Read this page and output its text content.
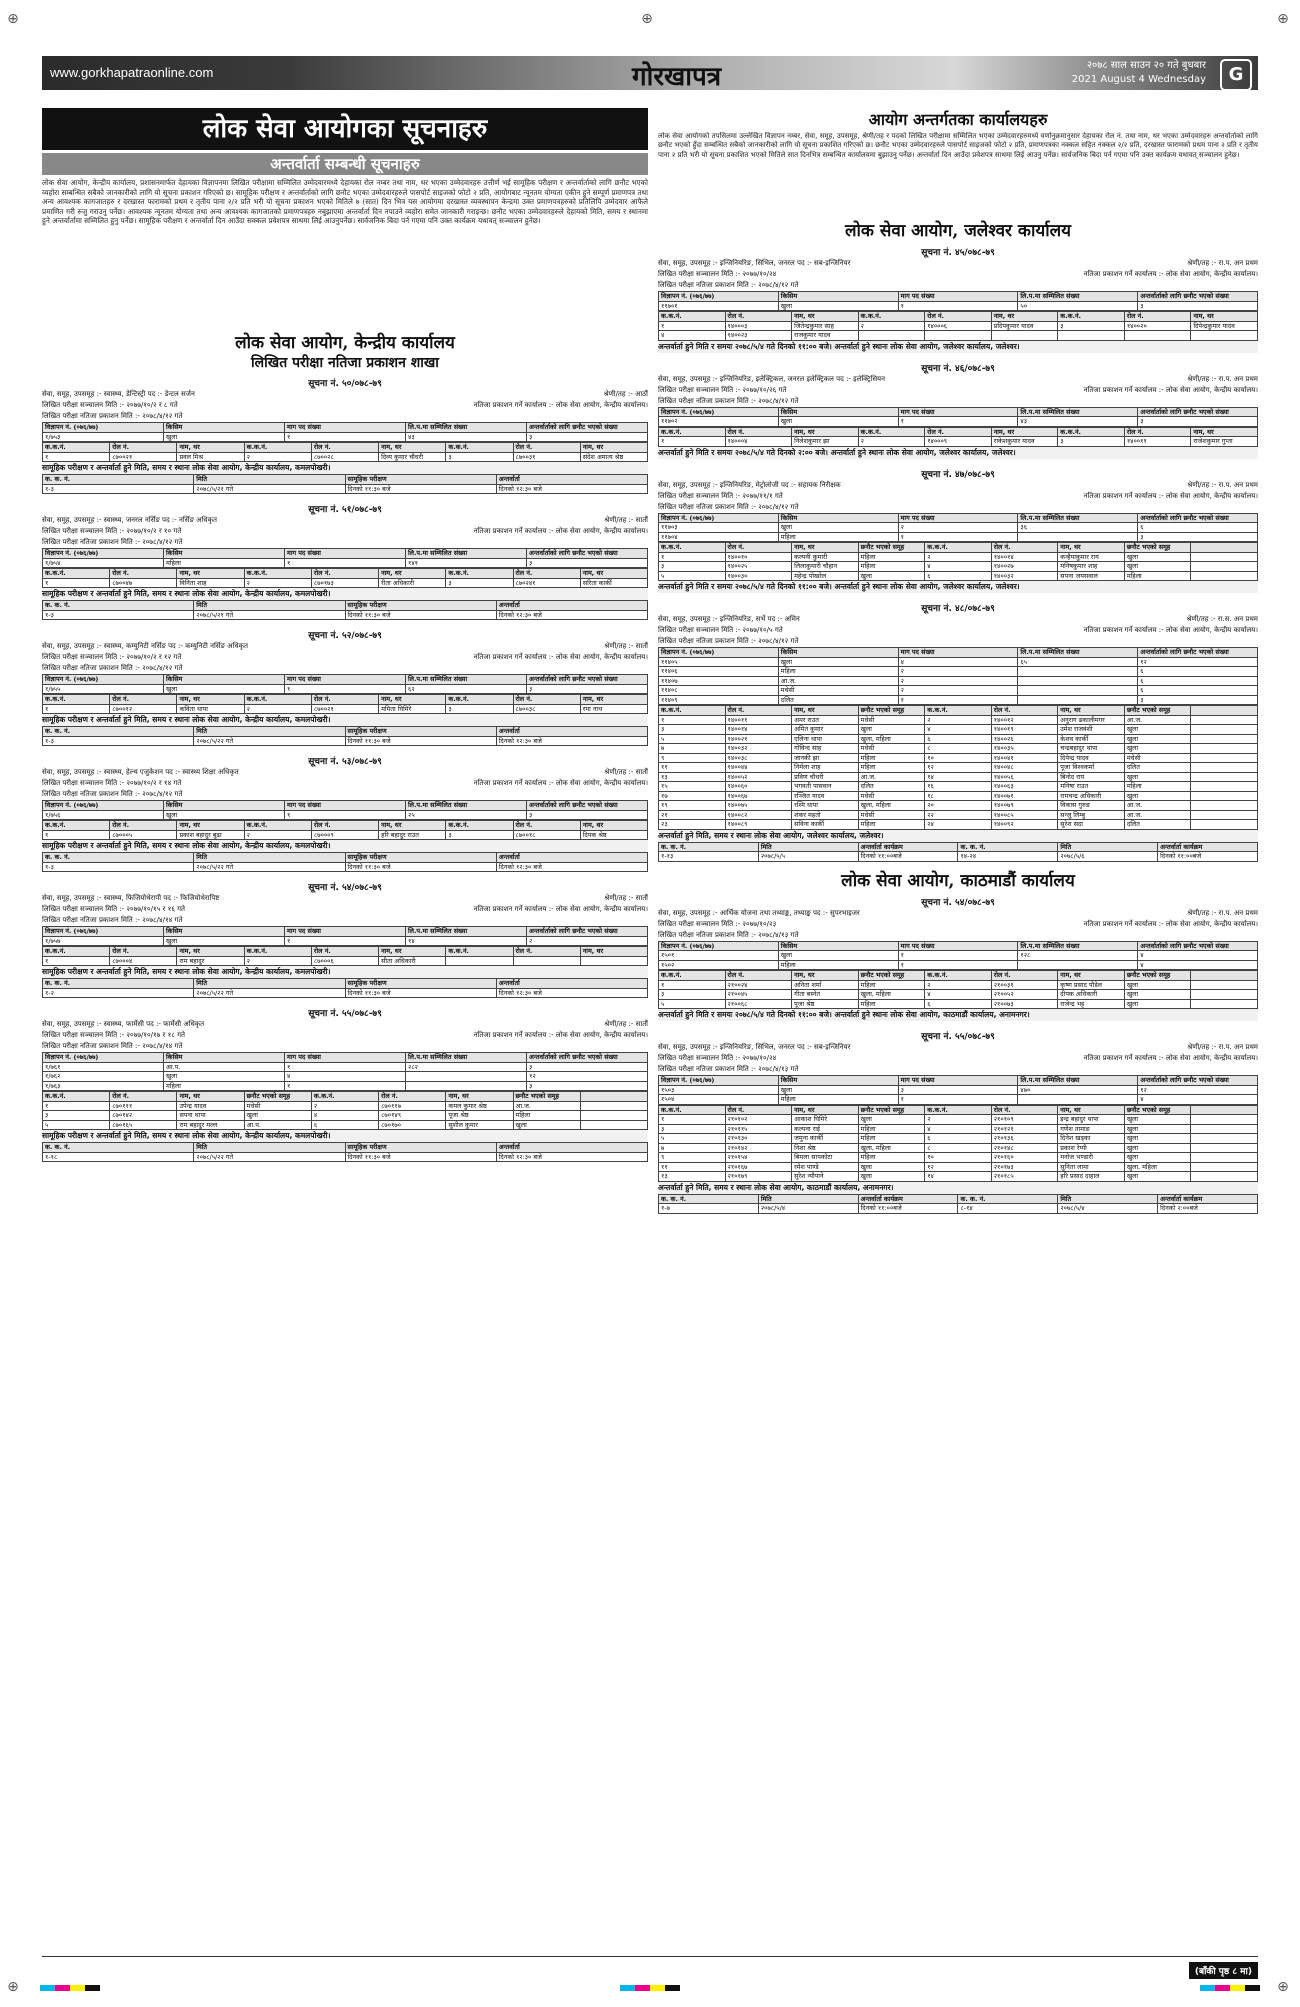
⊕	⊕	⊕
⊕	⊕
www.gorkhapatraonline.com	गोरखापत्र	२०७८ साल साउन २० गते बुधबार
2021 August 4 Wednesday	G
लोक सेवा आयोगका सूचनाहरु
अन्तर्वार्ता सम्बन्धी सूचनाहरु
लोक सेवा आयोग, केन्द्रीय कार्यालय, प्रशासनमार्फत देहायका विज्ञापनमा लिखित परीक्षामा सम्मिलित उम्मेदवारमध्ये देहायका रोल नम्बर तथा नाम, थर भएका उम्मेदवारहरु उत्तीर्ण भई सामूहिक परीक्षण र अन्तर्वार्ताको लागि छनौट भएको व्यहोरा सम्बन्धित सबैको जानकारीको लागि यो सूचना प्रकाशन गरिएको छ। सामूहिक परीक्षण र अन्तर्वार्ताको लागि छनौट भएका उम्मेदवारहरुले पासपोर्ट साइजको फोटो २ प्रति, आयोगबाट न्यूनतम योग्यता एकीन हुने सम्पूर्ण प्रमाणपत्र तथा अन्य आवश्यक कागजातहरु र दरखास्त फारामको प्रथम र तृतीय पाना २/२ प्रति भरी यो सूचना प्रकाशन भएको मितिले ७ (सात) दिन भित्र यस आयोगमा दरखास्त व्यवस्थापन केन्द्रमा उक्त प्रमाणपत्रहरुको प्रतिलिपि उम्मेदवार आफैले प्रमाणित गरी रुजु गराउनु पर्नेछ। आवश्यक न्यूनतम योग्यता तथा अन्य आवश्यक कागजातको प्रमाणपत्रहरु नबुझाएमा अन्तर्वार्ता दिन नपाउने व्यहोरा समेत जानकारी गराइन्छ। छनौट भएका उम्मेदवारहरुले देहायको मिति, समय र स्थानमा हुने अन्तर्वार्तामा सम्मिलित हुनु पर्नेछ। सामूहिक परीक्षण र अन्तर्वार्ता दिन आउँदा सक्कल प्रवेशपत्र साथमा लिई आउनुपर्नेछ। सार्वजनिक बिदा पर्न गएमा पनि उक्त कार्यक्रम यथावत् सञ्चालन हुनेछ।
लोक सेवा आयोग, केन्द्रीय कार्यालय
लिखित परीक्षा नतिजा प्रकाशन शाखा
सूचना नं. ५०/०७८-७९
सेवा, समूह, उपसमूह :- स्वास्थ्य, डेन्टिस्ट्री पद :- डेन्टल सर्जन	श्रेणी/तह :- आठौं
लिखित परीक्षा सञ्चालन मिति :- २०७७/१०/२ र ८ गते	नतिजा प्रकाशन गर्ने कार्यालय :- लोक सेवा आयोग, केन्द्रीय कार्यालय।
लिखित परीक्षा नतिजा प्रकाशन मिति :- २०७८/४/१२ गते
विज्ञापन नं. (०७६/७७)	किसिम	माग पद संख्या	लि.प.मा सम्मिलित संख्या	अन्तर्वार्ताको लागि छनौट भएको संख्या
१/७५३	खुला	१	४३	३
क.क.नं.	रोल नं.	नाम, थर	क.क.नं.	रोल नं.	नाम, थर	क.क.नं.	रोल नं.	नाम, थर
१	८७००२१	प्रवल मिश्र	२	८७००२८	दिव्य कुमार चौधरी	३	८७००३१	संदेश अमात्य श्रेष्ठ
सामूहिक परीक्षण र अन्तर्वार्ता हुने मिति, समय र स्थानः लोक सेवा आयोग, केन्द्रीय कार्यालय, कमलपोखरी।
क. क. नं.	मिति	सामूहिक परीक्षण	अन्तर्वार्ता
१-३	२०७८/५/२१ गते	दिनको ११:३० बजे	दिनको १२:३० बजे
सूचना नं. ५१/०७८-७९
सेवा, समूह, उपसमूह :- स्वास्थ्य, जनरल नर्सिङ पद :- नर्सिङ अधिकृत	श्रेणी/तह :- सातौं
लिखित परीक्षा सञ्चालन मिति :- २०७७/१०/२ र १० गते	नतिजा प्रकाशन गर्ने कार्यालय :- लोक सेवा आयोग, केन्द्रीय कार्यालय।
लिखित परीक्षा नतिजा प्रकाशन मिति :- २०७८/४/१२ गते
विज्ञापन नं. (०७६/७७)	किसिम	माग पद संख्या	लि.प.मा सम्मिलित संख्या	अन्तर्वार्ताको लागि छनौट भएको संख्या
१/७५४	महिला	१	१४१	३
क.क.नं.	रोल नं.	नाम, थर	क.क.नं.	रोल नं.	नाम, थर	क.क.नं.	रोल नं.	नाम, थर
१	८७००४७	विनिता शाह	२	८७०१७३	रीता अधिकारी	३	८७०२४१	सरिता कार्की
सामूहिक परीक्षण र अन्तर्वार्ता हुने मिति, समय र स्थानः लोक सेवा आयोग, केन्द्रीय कार्यालय, कमलपोखरी।
क. क. नं.	मिति	सामूहिक परीक्षण	अन्तर्वार्ता
१-३	२०७८/५/२१ गते	दिनको ११:३० बजे	दिनको १२:३० बजे
सूचना नं. ५२/०७८-७९
सेवा, समूह, उपसमूह :- स्वास्थ्य, कम्युनिटी नर्सिङ पद :- कम्युनिटी नर्सिङ अधिकृत	श्रेणी/तह :- सातौं
लिखित परीक्षा सञ्चालन मिति :- २०७७/१०/२ र १२ गते	नतिजा प्रकाशन गर्ने कार्यालय :- लोक सेवा आयोग, केन्द्रीय कार्यालय।
लिखित परीक्षा नतिजा प्रकाशन मिति :- २०७८/४/१२ गते
विज्ञापन नं. (०७६/७७)	किसिम	माग पद संख्या	लि.प.मा सम्मिलित संख्या	अन्तर्वार्ताको लागि छनौट भएको संख्या
१/७५५	खुला	१	६२	३
क.क.नं.	रोल नं.	नाम, थर	क.क.नं.	रोल नं.	नाम, थर	क.क.नं.	रोल नं.	नाम, थर
१	८७००१२	कविता थापा	२	८७००२१	ममिता घिमिरे	३	८७००३८	रमा नाथ
सामूहिक परीक्षण र अन्तर्वार्ता हुने मिति, समय र स्थानः लोक सेवा आयोग, केन्द्रीय कार्यालय, कमलपोखरी।
क. क. नं.	मिति	सामूहिक परीक्षण	अन्तर्वार्ता
१-३	२०७८/५/२२ गते	दिनको ११:३० बजे	दिनको १२:३० बजे
सूचना नं. ५३/०७८-७९
सेवा, समूह, उपसमूह :- स्वास्थ्य, हेल्थ एजुकेशन पद :- स्वास्थ्य शिक्षा अधिकृत	श्रेणी/तह :- सातौं
लिखित परीक्षा सञ्चालन मिति :- २०७७/१०/२ र १४ गते	नतिजा प्रकाशन गर्ने कार्यालय :- लोक सेवा आयोग, केन्द्रीय कार्यालय।
लिखित परीक्षा नतिजा प्रकाशन मिति :- २०७८/४/१२ गते
विज्ञापन नं. (०७६/७७)	किसिम	माग पद संख्या	लि.प.मा सम्मिलित संख्या	अन्तर्वार्ताको लागि छनौट भएको संख्या
१/७५६	खुला	१	२५	३
क.क.नं.	रोल नं.	नाम, थर	क.क.नं.	रोल नं.	नाम, थर	क.क.नं.	रोल नं.	नाम, थर
१	८७०००५	प्रकाश बहादुर बुढा	२	८७०००९	हरि बहादुर राउत	३	८७००१८	दिपक श्रेष्ठ
सामूहिक परीक्षण र अन्तर्वार्ता हुने मिति, समय र स्थानः लोक सेवा आयोग, केन्द्रीय कार्यालय, कमलपोखरी।
क. क. नं.	मिति	सामूहिक परीक्षण	अन्तर्वार्ता
१-३	२०७८/५/२२ गते	दिनको ११:३० बजे	दिनको १२:३० बजे
सूचना नं. ५४/०७८-७९
सेवा, समूह, उपसमूह :- स्वास्थ्य, फिजियोथेरापी पद :- फिजियोथेरापिष्ट	श्रेणी/तह :- सातौं
लिखित परीक्षा सञ्चालन मिति :- २०७७/१०/१५ र १६ गते	नतिजा प्रकाशन गर्ने कार्यालय :- लोक सेवा आयोग, केन्द्रीय कार्यालय।
लिखित परीक्षा नतिजा प्रकाशन मिति :- २०७८/४/१४ गते
विज्ञापन नं. (०७६/७७)	किसिम	माग पद संख्या	लि.प.मा सम्मिलित संख्या	अन्तर्वार्ताको लागि छनौट भएको संख्या
१/७५७	खुला	१	१४	२
क.क.नं.	रोल नं.	नाम, थर	क.क.नं.	रोल नं.	नाम, थर	क.क.नं.	रोल नं.	नाम, थर
१	८७०००४	राम बहादुर	२	८७०००६	सीता अधिकारी			
सामूहिक परीक्षण र अन्तर्वार्ता हुने मिति, समय र स्थानः लोक सेवा आयोग, केन्द्रीय कार्यालय, कमलपोखरी।
क. क. नं.	मिति	सामूहिक परीक्षण	अन्तर्वार्ता
१-२	२०७८/५/२२ गते	दिनको ११:३० बजे	दिनको १२:३० बजे
सूचना नं. ५५/०७८-७९
सेवा, समूह, उपसमूह :- स्वास्थ्य, फार्मेसी पद :- फार्मेसी अधिकृत	श्रेणी/तह :- सातौं
लिखित परीक्षा सञ्चालन मिति :- २०७७/१०/१७ र १८ गते	नतिजा प्रकाशन गर्ने कार्यालय :- लोक सेवा आयोग, केन्द्रीय कार्यालय।
लिखित परीक्षा नतिजा प्रकाशन मिति :- २०७८/४/१४ गते
विज्ञापन नं. (०७६/७७)	किसिम	माग पद संख्या	लि.प.मा सम्मिलित संख्या	अन्तर्वार्ताको लागि छनौट भएको संख्या
१/७६१	आ.प.	१	२८२	३
१/७६२	खुला	४		१२
१/७६३	महिला	१		३
क.क.नं.	रोल नं.	नाम, थर	छनौट भएको समूह	क.क.नं.	रोल नं.	नाम, थर	छनौट भएको समूह	
१	८७०१११	उपेन्द्र यादव	मधेसी	२	८७०११७	कमल कुमार श्रेष्ठ	आ.ज.	
३	८७०१४२	सपना थापा	खुला	४	८७०१४९	पूजा श्रेष्ठ	महिला	
५	८७०१६५	राम बहादुर मल्ल	आ.प.	६	८७०१७०	सुशील कुमार	खुला	
सामूहिक परीक्षण र अन्तर्वार्ता हुने मिति, समय र स्थानः लोक सेवा आयोग, केन्द्रीय कार्यालय, कमलपोखरी।
क. क. नं.	मिति	सामूहिक परीक्षण	अन्तर्वार्ता
१-१८	२०७८/५/२२ गते	दिनको ११:३० बजे	दिनको १२:३० बजे
आयोग अन्तर्गतका कार्यालयहरु
लोक सेवा आयोगको तपसिलमा उल्लेखित विज्ञापन नम्बर, सेवा, समूह, उपसमूह, श्रेणी/तह र पदको लिखित परीक्षामा सम्मिलित भएका उम्मेदवारहरुमध्ये वर्णानुक्रमानुसार देहायका रोल नं. तथा नाम, थर भएका उम्मेदवारहरु अन्तर्वार्ताको लागि छनौट भएको हुँदा सम्बन्धित सबैको जानकारीको लागि यो सूचना प्रकाशित गरिएको छ। छनौट भएका उम्मेदवारहरुले पासपोर्ट साइजको फोटो २ प्रति, प्रमाणपत्रका नक्कल सहित नक्कल २/२ प्रति, दरखास्त फारामको प्रथम पाना २ प्रति र तृतीय पाना २ प्रति भरी यो सूचना प्रकाशित भएको मितिले सात दिनभित्र सम्बन्धित कार्यालयमा बुझाउनु पर्नेछ। अन्तर्वार्ता दिन आउँदा प्रवेशपत्र साथमा लिई आउनु पर्नेछ। सार्वजनिक बिदा पर्न गएमा पनि उक्त कार्यक्रम यथावत् सञ्चालन हुनेछ।
लोक सेवा आयोग, जलेश्वर कार्यालय
सूचना नं. ४५/०७८-७९
सेवा, समूह, उपसमूह :- इन्जिनियरिङ, सिभिल, जनरल पद :- सब-इन्जिनियर	श्रेणी/तह :- रा.प. अन प्रथम
लिखित परीक्षा सञ्चालन मिति :- २०७७/१०/२४	नतिजा प्रकाशन गर्ने कार्यालय :- लोक सेवा आयोग, केन्द्रीय कार्यालय।
लिखित परीक्षा नतिजा प्रकाशन मिति :- २०७८/४/१२ गते
विज्ञापन नं. (०७६/७७)	किसिम	माग पद संख्या	लि.प.मा सम्मिलित संख्या	अन्तर्वार्ताको लागि छनौट भएको संख्या
११७०१	खुला	१	५०	३
क.क.नं.	रोल नं.	नाम, थर	क.क.नं.	रोल नं.	नाम, थर	क.क.नं.	रोल नं.	नाम, थर
१	१४०००३	जितेन्द्रकुमार साह	२	१४०००६	प्रदिपकुमार यादव	३	१४००२०	दिपेन्द्रकुमार यादव
४	१४००२३	राजकुमार यादव						
अन्तर्वार्ता हुने मिति र समयः २०७८/५/४ गते दिनको ११:०० बजे। अन्तर्वार्ता हुने स्थानः लोक सेवा आयोग, जलेश्वर कार्यालय, जलेश्वर।
सूचना नं. ४६/०७८-७९
सेवा, समूह, उपसमूह :- इन्जिनियरिङ, इलेक्ट्रिकल, जनरल इलेक्ट्रिकल पद :- इलेक्ट्रिसियन	श्रेणी/तह :- रा.प. अन प्रथम
लिखित परीक्षा सञ्चालन मिति :- २०७७/१०/२६ गते	नतिजा प्रकाशन गर्ने कार्यालय :- लोक सेवा आयोग, केन्द्रीय कार्यालय।
लिखित परीक्षा नतिजा प्रकाशन मिति :- २०७८/४/१२ गते
विज्ञापन नं. (०७६/७७)	किसिम	माग पद संख्या	लि.प.मा सम्मिलित संख्या	अन्तर्वार्ताको लागि छनौट भएको संख्या
११७०२	खुला	१	४३	३
क.क.नं.	रोल नं.	नाम, थर	क.क.नं.	रोल नं.	नाम, थर	क.क.नं.	रोल नं.	नाम, थर
१	१४०००४	निलेशकुमार झा	२	१४०००९	राकेशकुमार यादव	३	१४००११	राजेशकुमार गुप्ता
अन्तर्वार्ता हुने मिति र समयः २०७८/५/४ गते दिनको २:०० बजे। अन्तर्वार्ता हुने स्थानः लोक सेवा आयोग, जलेश्वर कार्यालय, जलेश्वर।
सूचना नं. ४७/०७८-७९
सेवा, समूह, उपसमूह :- इन्जिनियरिङ, मेट्रोलोजी पद :- सहायक निरीक्षक	श्रेणी/तह :- रा.प. अन प्रथम
लिखित परीक्षा सञ्चालन मिति :- २०७७/११/१ गते	नतिजा प्रकाशन गर्ने कार्यालय :- लोक सेवा आयोग, केन्द्रीय कार्यालय।
लिखित परीक्षा नतिजा प्रकाशन मिति :- २०७८/४/१२ गते
विज्ञापन नं. (०७६/७७)	किसिम	माग पद संख्या	लि.प.मा सम्मिलित संख्या	अन्तर्वार्ताको लागि छनौट भएको संख्या
११७०३	खुला	२	३६	६
११७०४	महिला	१		३
क.क.नं.	रोल नं.	नाम, थर	छनौट भएको समूह	क.क.नं.	रोल नं.	नाम, थर	छनौट भएको समूह	
१	१४००१०	कल्पनी कुमारी	महिला	२	१४००१४	कन्हैयाकुमार राय	खुला	
३	१४००२५	लिलाकुमारी चौहान	महिला	४	१४००२७	मनिषकुमार शाह	खुला	
५	१४००३०	महेन्द्र पोखरेल	खुला	६	१४००३२	सपना जयसवाल	महिला	
अन्तर्वार्ता हुने मिति र समयः २०७८/५/४ गते दिनको ११:०० बजे। अन्तर्वार्ता हुने स्थानः लोक सेवा आयोग, जलेश्वर कार्यालय, जलेश्वर।
सूचना नं. ४८/०७८-७९
सेवा, समूह, उपसमूह :- इन्जिनियरिङ, सर्भे पद :- अमिन	श्रेणी/तह :- रा.स. अन प्रथम
लिखित परीक्षा सञ्चालन मिति :- २०७७/१०/५ गते	नतिजा प्रकाशन गर्ने कार्यालय :- लोक सेवा आयोग, केन्द्रीय कार्यालय।
लिखित परीक्षा नतिजा प्रकाशन मिति :- २०७८/४/१२ गते
विज्ञापन नं. (०७६/७७)	किसिम	माग पद संख्या	लि.प.मा सम्मिलित संख्या	अन्तर्वार्ताको लागि छनौट भएको संख्या
११४०५	खुला	४	६५	१२
११४०६	महिला	२		६
११४०७	आ.ज.	२		६
११४०८	मधेसी	२		६
११४०९	दलित	१		३
क.क.नं.	रोल नं.	नाम, थर	छनौट भएको समूह	क.क.नं.	रोल नं.	नाम, थर	छनौट भएको समूह	
१	१४००११	अमर राउत	मधेसी	२	१४००१२	अनुराग ढकालीमगर	आ.ज.	
३	१४००१४	अमित कुमार	खुला	४	१४००१९	उमेश राजवंशी	खुला	
५	१४००२१	एलिना थापा	खुला, महिला	६	१४००२६	केशव कार्की	खुला	
७	१४००३२	गोविन्द साह	मधेसी	८	१४००३५	चन्द्रबहादुर थापा	खुला	
९	१४००३८	जानकी झा	महिला	१०	१४००४१	दिपेन्द्र यादव	मधेसी	
११	१४००४४	निर्मला शाह	महिला	१२	१४००४८	पूजा विश्वकर्मा	दलित	
१३	१४००५२	प्रविण चौधरी	आ.ज.	१४	१४००५६	बिनोद राय	खुला	
१५	१४००६०	भगवती पासवान	दलित	१६	१४००६३	मनिषा राउत	महिला	
१७	१४००६७	रञ्जित यादव	मधेसी	१८	१४००७१	रामचन्द्र अधिकारी	खुला	
१९	१४००७५	रश्मि थापा	खुला, महिला	२०	१४००७९	विकास गुरुङ	आ.ज.	
२१	१४००८२	शंकर महतो	मधेसी	२२	१४००८५	सन्जु लिम्बु	आ.ज.	
२३	१४००८९	सविना कार्की	महिला	२४	१४००९२	सुरेश सदा	दलित	
अन्तर्वार्ता हुने मिति, समय र स्थानः लोक सेवा आयोग, जलेश्वर कार्यालय, जलेश्वर।
क. क. नं.	मिति	अन्तर्वार्ता कार्यक्रम	क. क. नं.	मिति	अन्तर्वार्ता कार्यक्रम
१-१३	२०७८/५/५	दिनको ११:००बजे	१४-२४	२०७८/५/६	दिनको ११:००बजे
लोक सेवा आयोग, काठमाडौं कार्यालय
सूचना नं. ५४/०७८-७९
सेवा, समूह, उपसमूह :- आर्थिक योजना तथा तथ्याङ्क, तथ्याङ्क पद :- सुपरभाइजर	श्रेणी/तह :- रा.प. अन प्रथम
लिखित परीक्षा सञ्चालन मिति :- २०७७/१०/२३	नतिजा प्रकाशन गर्ने कार्यालय :- लोक सेवा आयोग, केन्द्रीय कार्यालय।
लिखित परीक्षा नतिजा प्रकाशन मिति :- २०७८/४/१३ गते
विज्ञापन नं. (०७६/७७)	किसिम	माग पद संख्या	लि.प.मा सम्मिलित संख्या	अन्तर्वार्ताको लागि छनौट भएको संख्या
१५०१	खुला	१	१२८	४
१५०२	महिला	१		४
क.क.नं.	रोल नं.	नाम, थर	छनौट भएको समूह	क.क.नं.	रोल नं.	नाम, थर	छनौट भएको समूह	
१	२१००२४	अनिता शर्मा	महिला	२	२१००३१	कृष्ण प्रसाद पौडेल	खुला	
३	२१००४५	गीता बस्नेत	खुला, महिला	४	२१००५२	दीपक अधिकारी	खुला	
५	२१००६८	पूजा श्रेष्ठ	महिला	६	२१००७३	राजेन्द्र भट्ट	खुला	
अन्तर्वार्ता हुने मिति र समयः २०७८/५/४ गते दिनको ११:०० बजे। अन्तर्वार्ता हुने स्थानः लोक सेवा आयोग, काठमाडौं कार्यालय, अनामनगर।
सूचना नं. ५५/०७८-७९
सेवा, समूह, उपसमूह :- इन्जिनियरिङ, सिभिल, जनरल पद :- सब-इन्जिनियर	श्रेणी/तह :- रा.प. अन प्रथम
लिखित परीक्षा सञ्चालन मिति :- २०७७/१०/२४	नतिजा प्रकाशन गर्ने कार्यालय :- लोक सेवा आयोग, केन्द्रीय कार्यालय।
लिखित परीक्षा नतिजा प्रकाशन मिति :- २०७८/४/१३ गते
विज्ञापन नं. (०७६/७७)	किसिम	माग पद संख्या	लि.प.मा सम्मिलित संख्या	अन्तर्वार्ताको लागि छनौट भएको संख्या
१५०३	खुला	३	४७०	१२
१५०४	महिला	१		४
क.क.नं.	रोल नं.	नाम, थर	छनौट भएको समूह	क.क.नं.	रोल नं.	नाम, थर	छनौट भएको समूह	
१	२१०१०२	आकाश घिमिरे	खुला	२	२१०१०९	इन्द्र बहादुर थापा	खुला	
३	२१०११५	कल्पना राई	महिला	४	२१०१२१	गणेश तामाङ	खुला	
५	२१०१३०	जमुना कार्की	महिला	६	२१०१३६	दिनेश खड्का	खुला	
७	२१०१४२	निशा श्रेष्ठ	खुला, महिला	८	२१०१४८	प्रकाश रेग्मी	खुला	
९	२१०१५४	बिमला सापकोटा	महिला	१०	२१०१६०	मनोज भण्डारी	खुला	
११	२१०१६७	रमेश पाण्डे	खुला	१२	२१०१७३	सुनिता लामा	खुला, महिला	
१३	२१०१७९	सुरेश न्यौपाने	खुला	१४	२१०१८५	हरि प्रसाद दाहाल	खुला	
अन्तर्वार्ता हुने मिति, समय र स्थानः लोक सेवा आयोग, काठमाडौं कार्यालय, अनामनगर।
क. क. नं.	मिति	अन्तर्वार्ता कार्यक्रम	क. क. नं.	मिति	अन्तर्वार्ता कार्यक्रम
१-७	२०७८/५/४	दिनको ११:००बजे	८-१४	२०७८/५/४	दिनको २:००बजे
(बाँकी पृष्ठ ८ मा)
